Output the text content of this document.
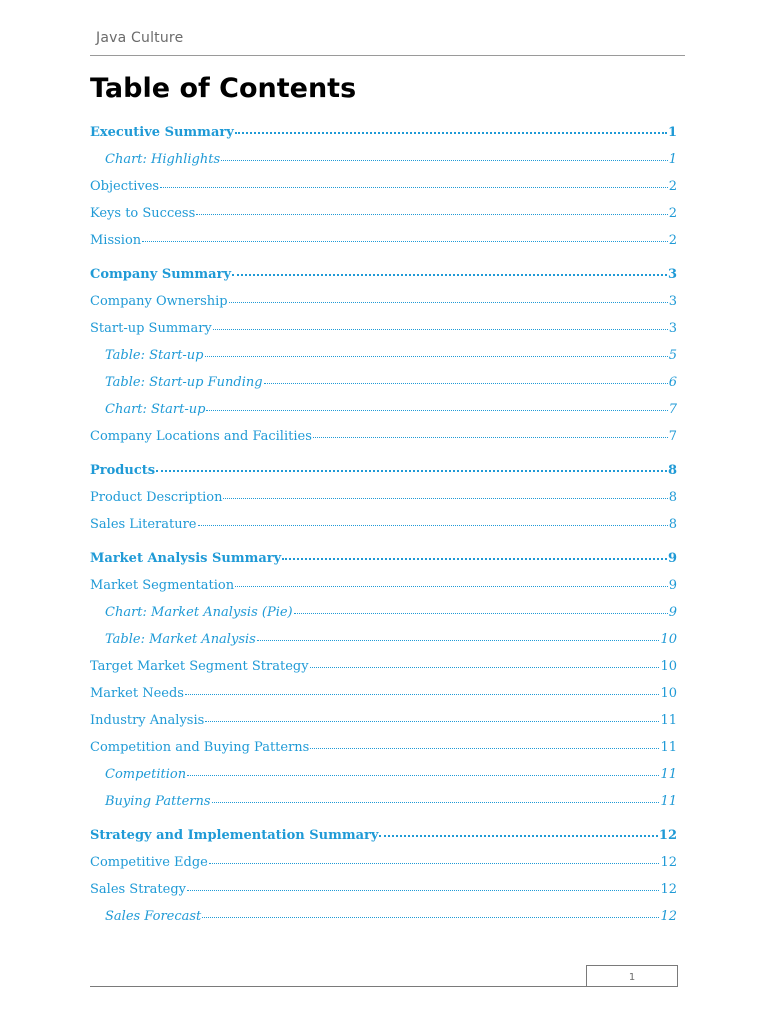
Java Culture
Table of Contents
Executive Summary	1
Chart: Highlights	1
Objectives	2
Keys to Success	2
Mission	2
Company Summary	3
Company Ownership	3
Start-up Summary	3
Table: Start-up	5
Table: Start-up Funding	6
Chart: Start-up	7
Company Locations and Facilities	7
Products	8
Product Description	8
Sales Literature	8
Market Analysis Summary	9
Market Segmentation	9
Chart: Market Analysis (Pie)	9
Table: Market Analysis	10
Target Market Segment Strategy	10
Market Needs	10
Industry Analysis	11
Competition and Buying Patterns	11
Competition	11
Buying Patterns	11
Strategy and Implementation Summary	12
Competitive Edge	12
Sales Strategy	12
Sales Forecast	12
1
